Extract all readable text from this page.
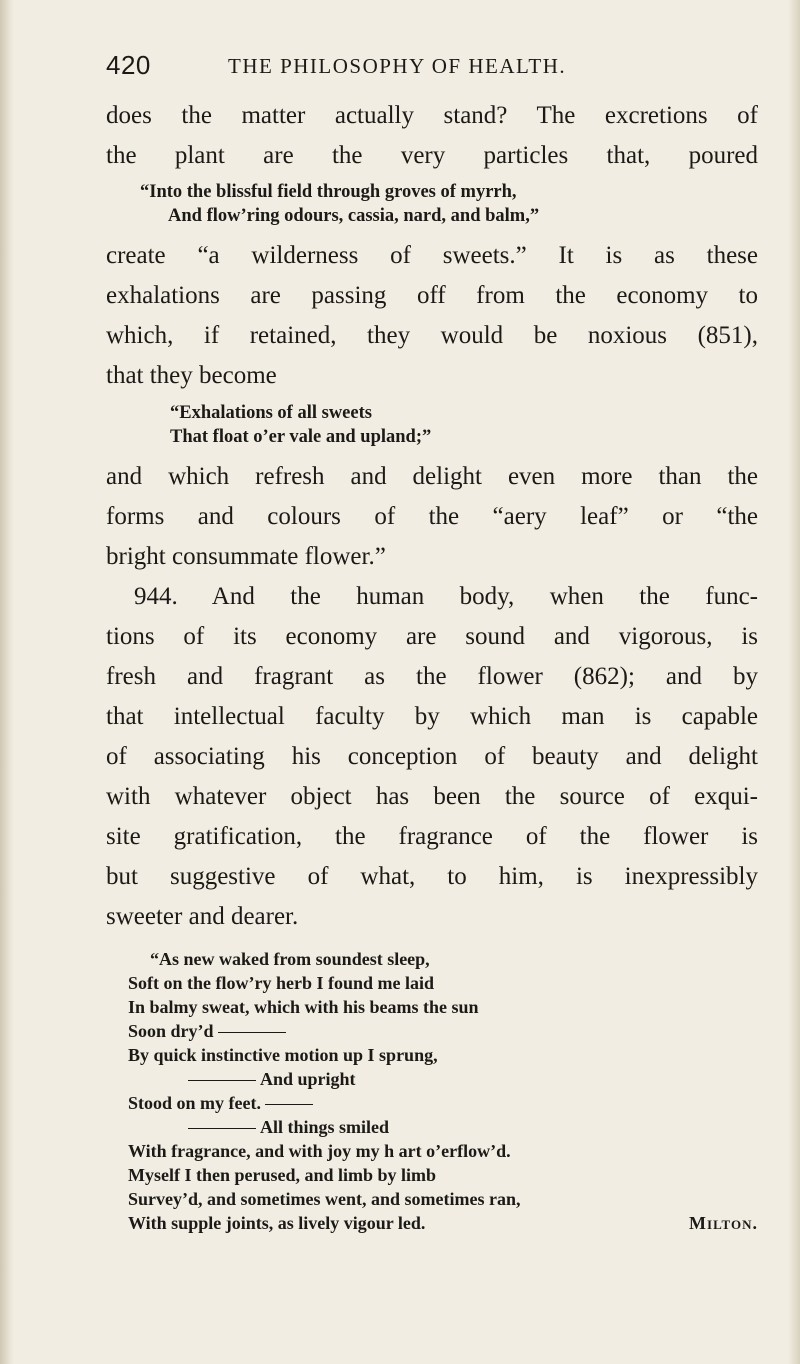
420	THE PHILOSOPHY OF HEALTH.
does the matter actually stand? The excretions of
the plant are the very particles that, poured
“Into the blissful field through groves of myrrh,
And flow’ring odours, cassia, nard, and balm,”
create “a wilderness of sweets.” It is as these
exhalations are passing off from the economy to
which, if retained, they would be noxious (851),
that they become
“Exhalations of all sweets
That float o’er vale and upland;”
and which refresh and delight even more than the
forms and colours of the “aery leaf” or “the
bright consummate flower.”
944. And the human body, when the func-
tions of its economy are sound and vigorous, is
fresh and fragrant as the flower (862); and by
that intellectual faculty by which man is capable
of associating his conception of beauty and delight
with whatever object has been the source of exqui-
site gratification, the fragrance of the flower is
but suggestive of what, to him, is inexpressibly
sweeter and dearer.
“As new waked from soundest sleep,
Soft on the flow’ry herb I found me laid
In balmy sweat, which with his beams the sun
Soon dry’d
By quick instinctive motion up I sprung,
And upright
Stood on my feet.
All things smiled
With fragrance, and with joy my h art o’erflow’d.
Myself I then perused, and limb by limb
Survey’d, and sometimes went, and sometimes ran,
With supple joints, as lively vigour led.	Milton.
